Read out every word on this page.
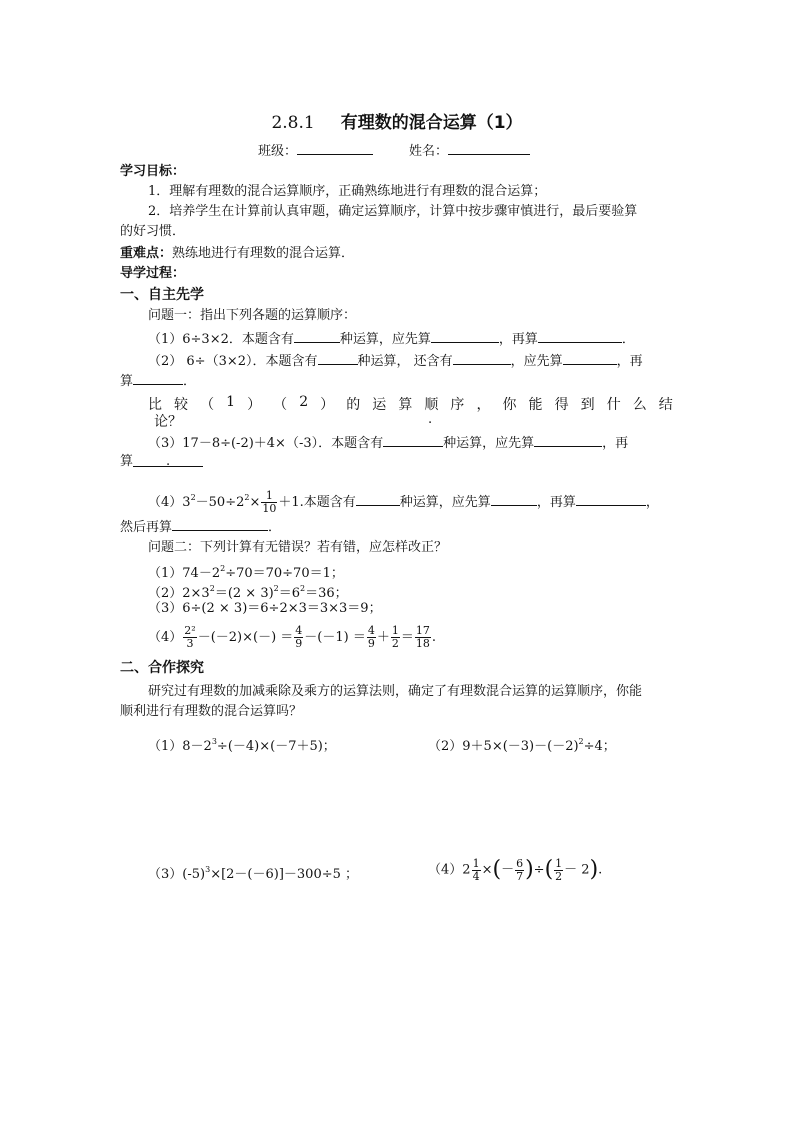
2.8.1 有理数的混合运算（1）
班级：	姓名：
学习目标：
1．理解有理数的混合运算顺序，正确熟练地进行有理数的混合运算；
2．培养学生在计算前认真审题，确定运算顺序，计算中按步骤审慎进行，最后要验算
的好习惯．
重难点：熟练地进行有理数的混合运算．
导学过程：
一、自主先学
问题一：指出下列各题的运算顺序：
（1）6÷3×2．本题含有	种运算，应先算	，再算	．
（2） 6÷（3×2）．本题含有	种运算， 还含有	，应先算	，再
算	．
比 较 （ 1 ） （ 2 ） 的 运 算 顺 序 ， 你 能 得 到 什 么 结
论？	.
（3）17－8÷(-2)＋4×（-3）．本题含有	种运算，应先算	，再
算	.
$(4)3^2-50\div 2^2\times \frac{1}{10} +1$.本题含有	种运算，应先算	，再算	，
然后再算	．
问题二：下列计算有无错误？若有错，应怎样改正？
$(1)74-2^2\div 70=70\div 70=1$；
$(2)2\times 3^2=(2 \times 3)^2=6^2=36$；
（3）6÷(2 × 3)＝6÷2×3＝3×3＝9；
$(4) \frac{\text{2²}}{3} -(-2)\times(-) = \frac{4}{9} -(-1) = \frac{4}{9} + \frac{1}{2} = \frac{17}{18}$ .
二、合作探究
研究过有理数的加减乘除及乘方的运算法则，确定了有理数混合运算的运算顺序，你能
顺利进行有理数的混合运算吗？
$(1)8-2^3\div(-4)\times(-7+5)$；	$(2)9+5\times(-3)-(-2)^2\div 4$；
$(3)(-5)^3\times[2-(-6)]-300\div 5$ ；	$(4)2 \frac{1}{4}$ ×(－ $\frac{6}{7}$ )÷( $\frac{1}{2} - 2$).
